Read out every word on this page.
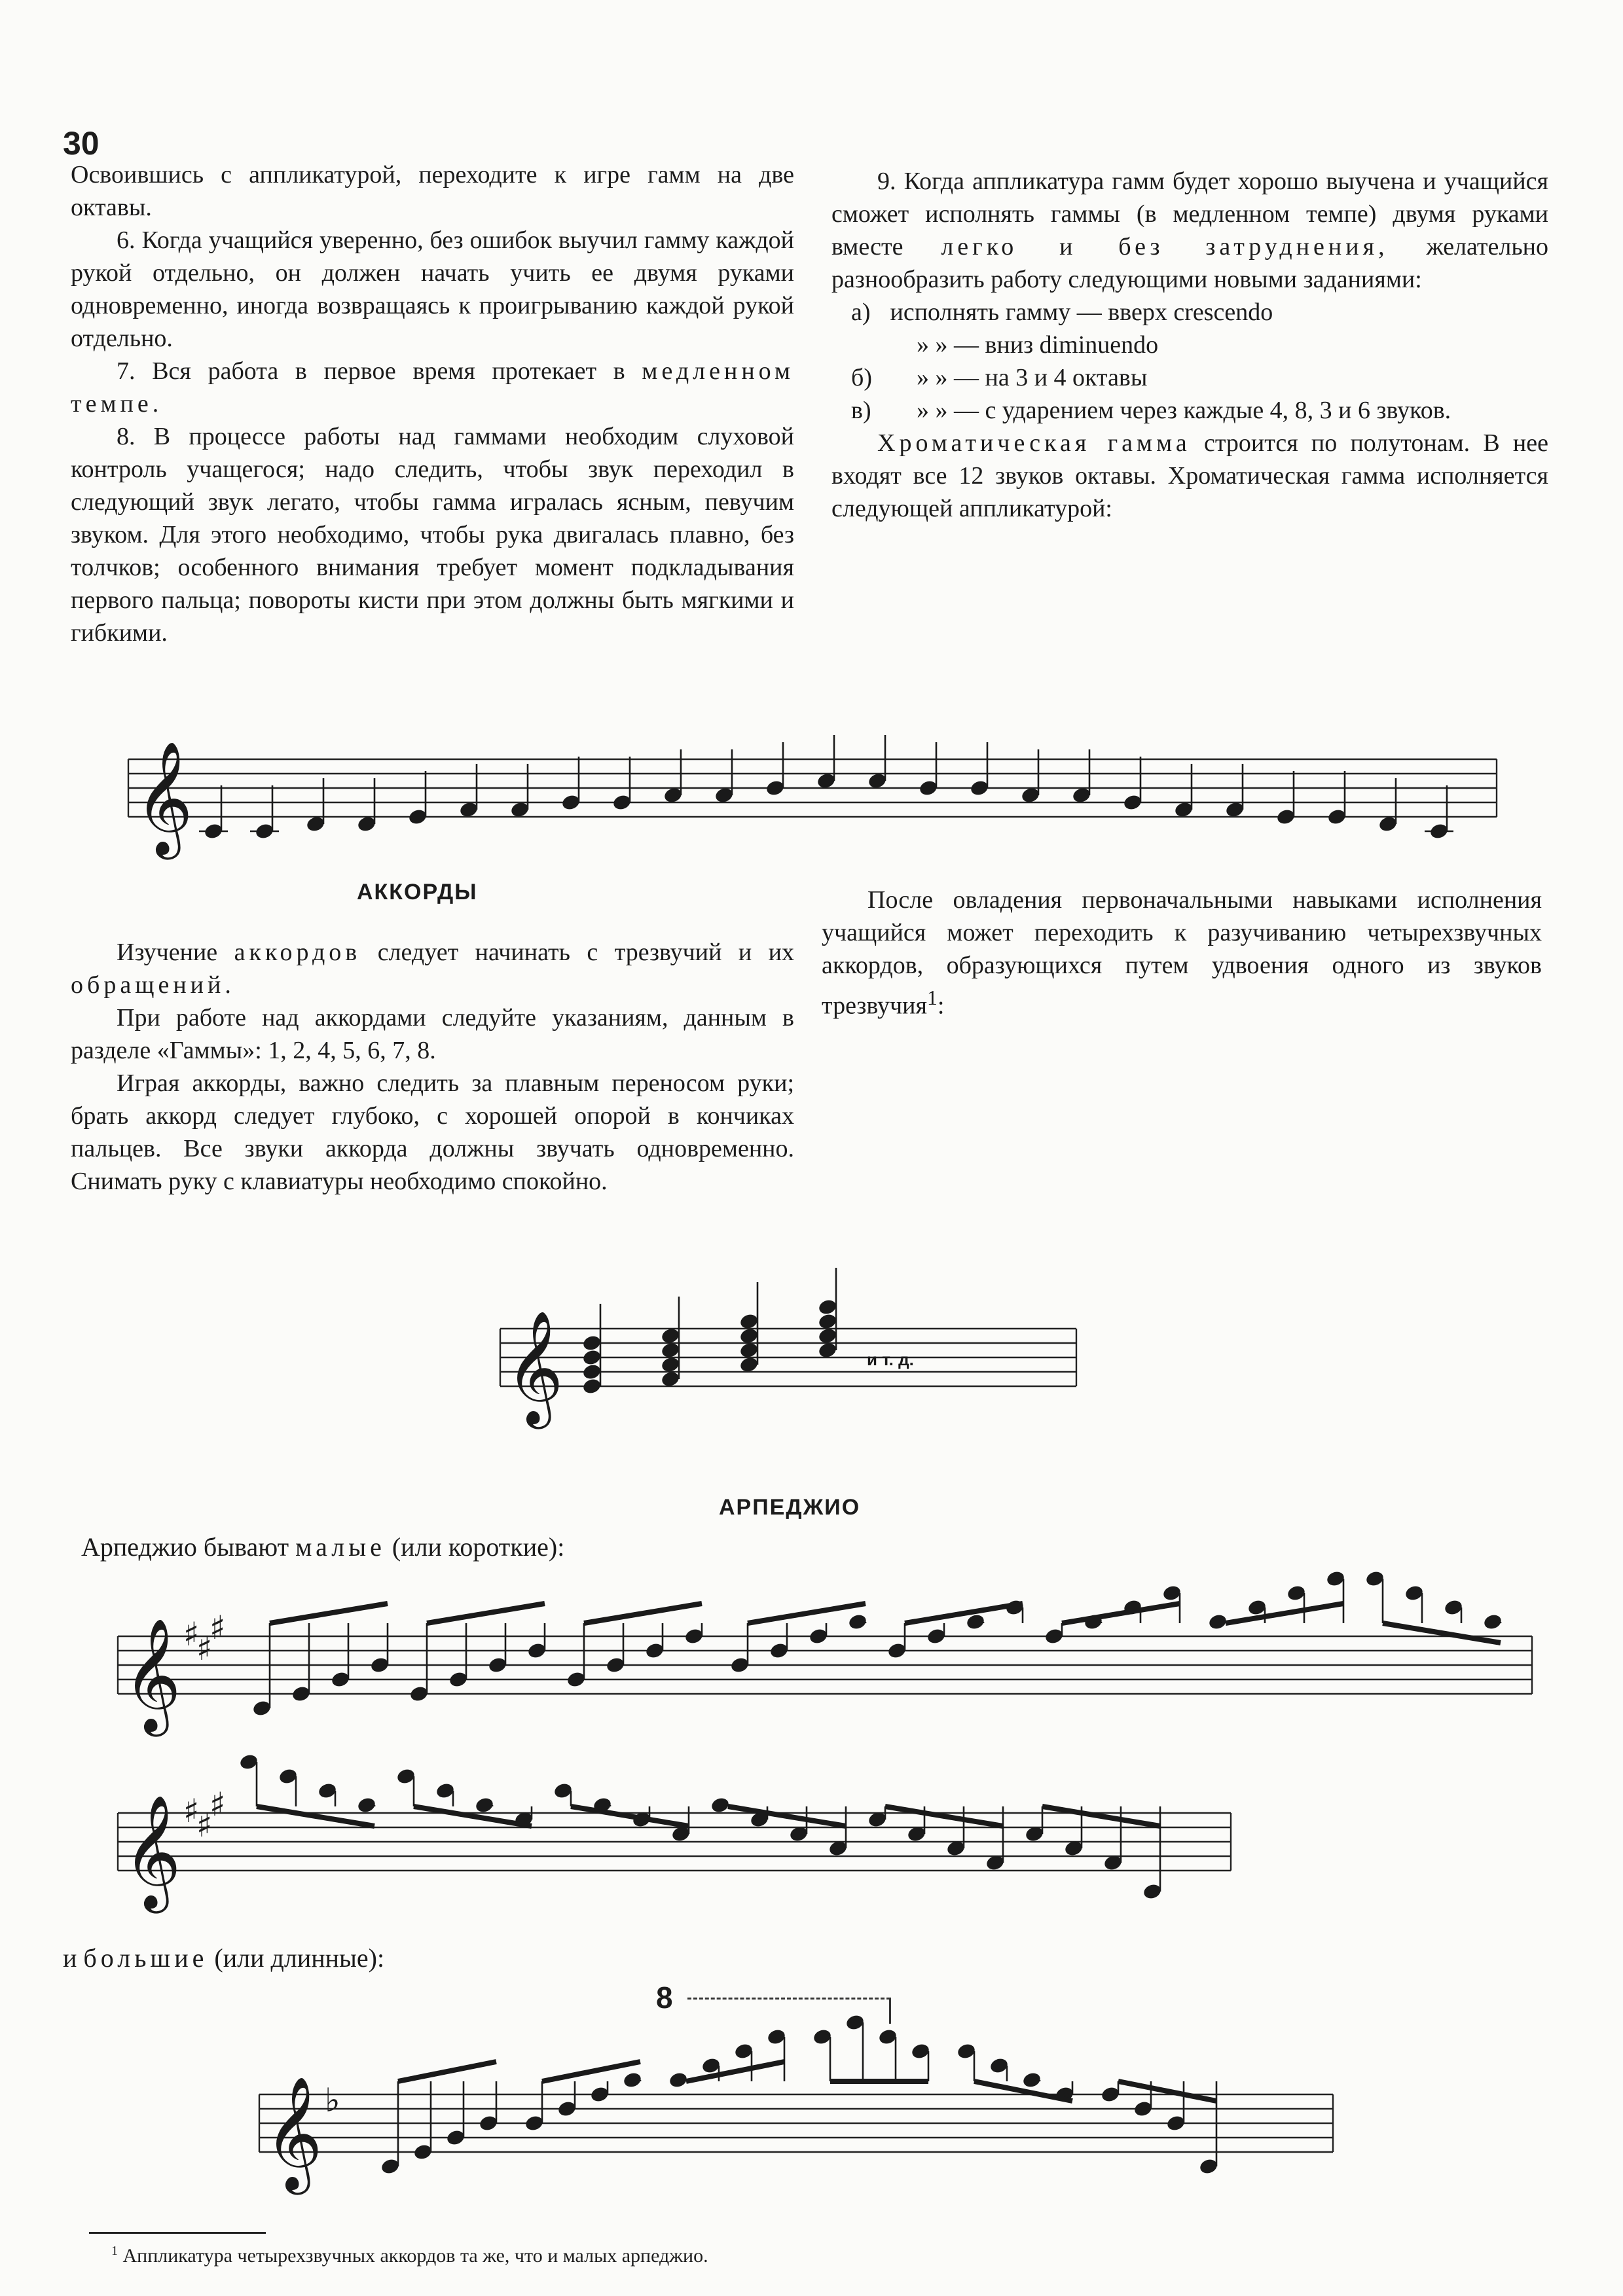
30

Освоившись с аппликатурой, переходите к игре гамм на две октавы.

6. Когда учащийся уверенно, без ошибок выучил гамму каждой рукой отдельно, он должен начать учить ее двумя руками одновременно, иногда возвращаясь к проигрыванию каждой рукой отдельно.

7. Вся работа в первое время протекает в медленном темпе.

8. В процессе работы над гаммами необходим слуховой контроль учащегося; надо следить, чтобы звук переходил в следующий звук легато, чтобы гамма игралась ясным, певучим звуком. Для этого необходимо, чтобы рука двигалась плавно, без толчков; особенного внимания требует момент подкладывания первого пальца; повороты кисти при этом должны быть мягкими и гибкими.

9. Когда аппликатура гамм будет хорошо выучена и учащийся сможет исполнять гаммы (в медленном темпе) двумя руками вместе легко и без затруднения, желательно разнообразить работу следующими новыми заданиями:

а)
исполнять гамму — вверх crescendo
» » — вниз diminuendo
б)	» » — на 3 и 4 октавы
в)	» » — с ударением через каждые 4, 8, 3 и 6 звуков.

Хроматическая гамма строится по полутонам. В нее входят все 12 звуков октавы. Хроматическая гамма исполняется следующей аппликатурой:

𝄞
АККОРДЫ

Изучение аккордов следует начинать с трезвучий и их обращений.

При работе над аккордами следуйте указаниям, данным в разделе «Гаммы»: 1, 2, 4, 5, 6, 7, 8.

Играя аккорды, важно следить за плавным переносом руки; брать аккорд следует глубоко, с хорошей опорой в кончиках пальцев. Все звуки аккорда должны звучать одновременно. Снимать руку с клавиатуры необходимо спокойно.

После овладения первоначальными навыками исполнения учащийся может переходить к разучиванию четырехзвучных аккордов, образующихся путем удвоения одного из звуков трезвучия$^1$:

𝄞	и т. д.
АРПЕДЖИО
Арпеджио бывают малые (или короткие):
𝄞 ♯
♯
♯
𝄞 ♯
♯
♯
и большие (или длинные):
8
𝄞 ♭
$^1$ Аппликатура четырехзвучных аккордов та же, что и малых арпеджио.
